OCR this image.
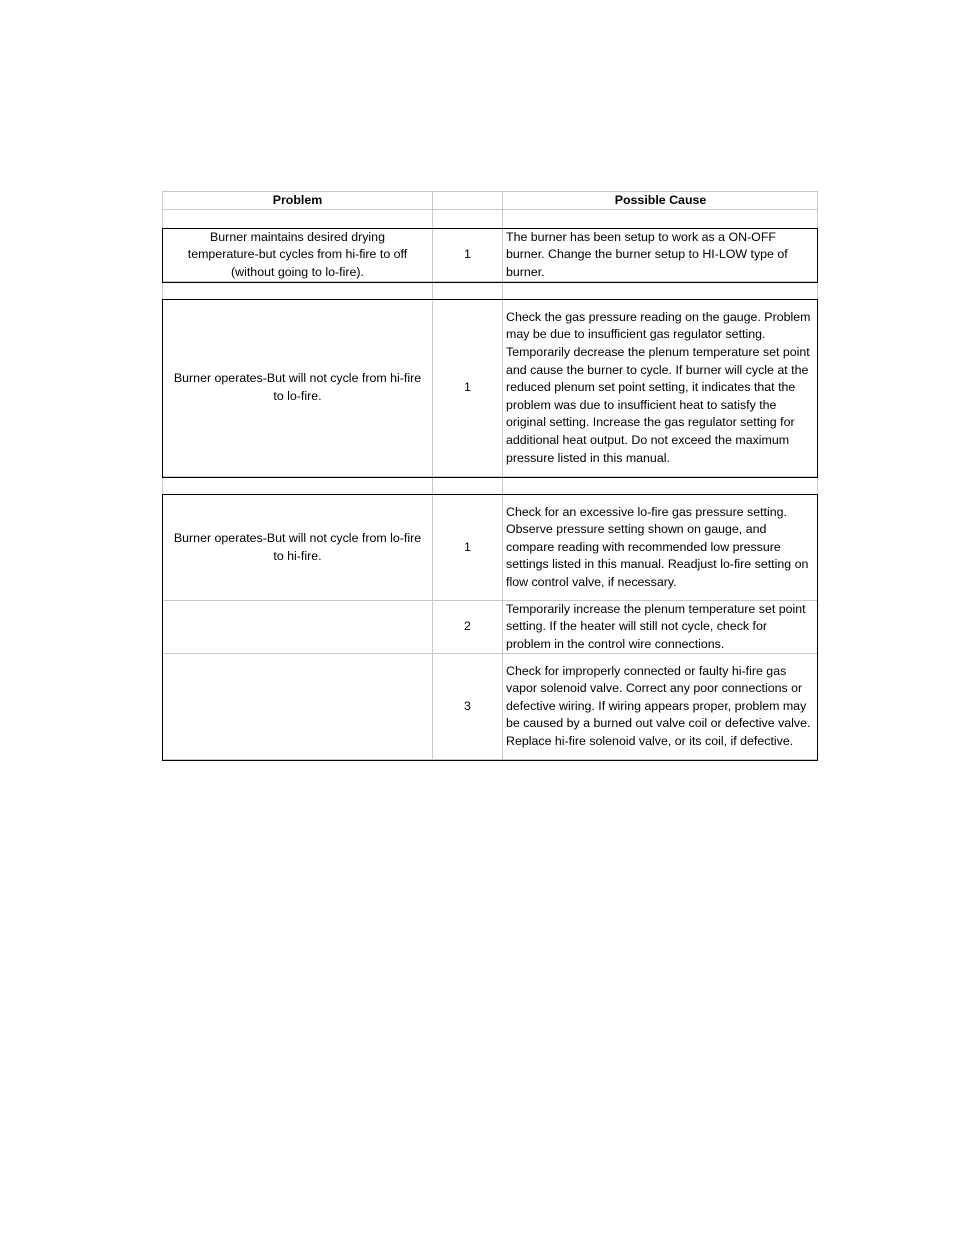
Problem	Possible Cause
Burner maintains desired drying temperature-but cycles from hi-fire to off (without going to lo-fire).
1
The burner has been setup to work as a ON-OFF burner. Change the burner setup to HI-LOW type of burner.
Burner operates-But will not cycle from hi-fire to lo-fire.
1
Check the gas pressure reading on the gauge. Problem may be due to insufficient gas regulator setting. Temporarily decrease the plenum temperature set point and cause the burner to cycle. If burner will cycle at the reduced plenum set point setting, it indicates that the problem was due to insufficient heat to satisfy the original setting. Increase the gas regulator setting for additional heat output. Do not exceed the maximum pressure listed in this manual.
Burner operates-But will not cycle from lo-fire to hi-fire.
1
Check for an excessive lo-fire gas pressure setting. Observe pressure setting shown on gauge, and compare reading with recommended low pressure settings listed in this manual. Readjust lo-fire setting on flow control valve, if necessary.
2
Temporarily increase the plenum temperature set point setting. If the heater will still not cycle, check for problem in the control wire connections.
3
Check for improperly connected or faulty hi-fire gas vapor solenoid valve. Correct any poor connections or defective wiring. If wiring appears proper, problem may be caused by a burned out valve coil or defective valve. Replace hi-fire solenoid valve, or its coil, if defective.
